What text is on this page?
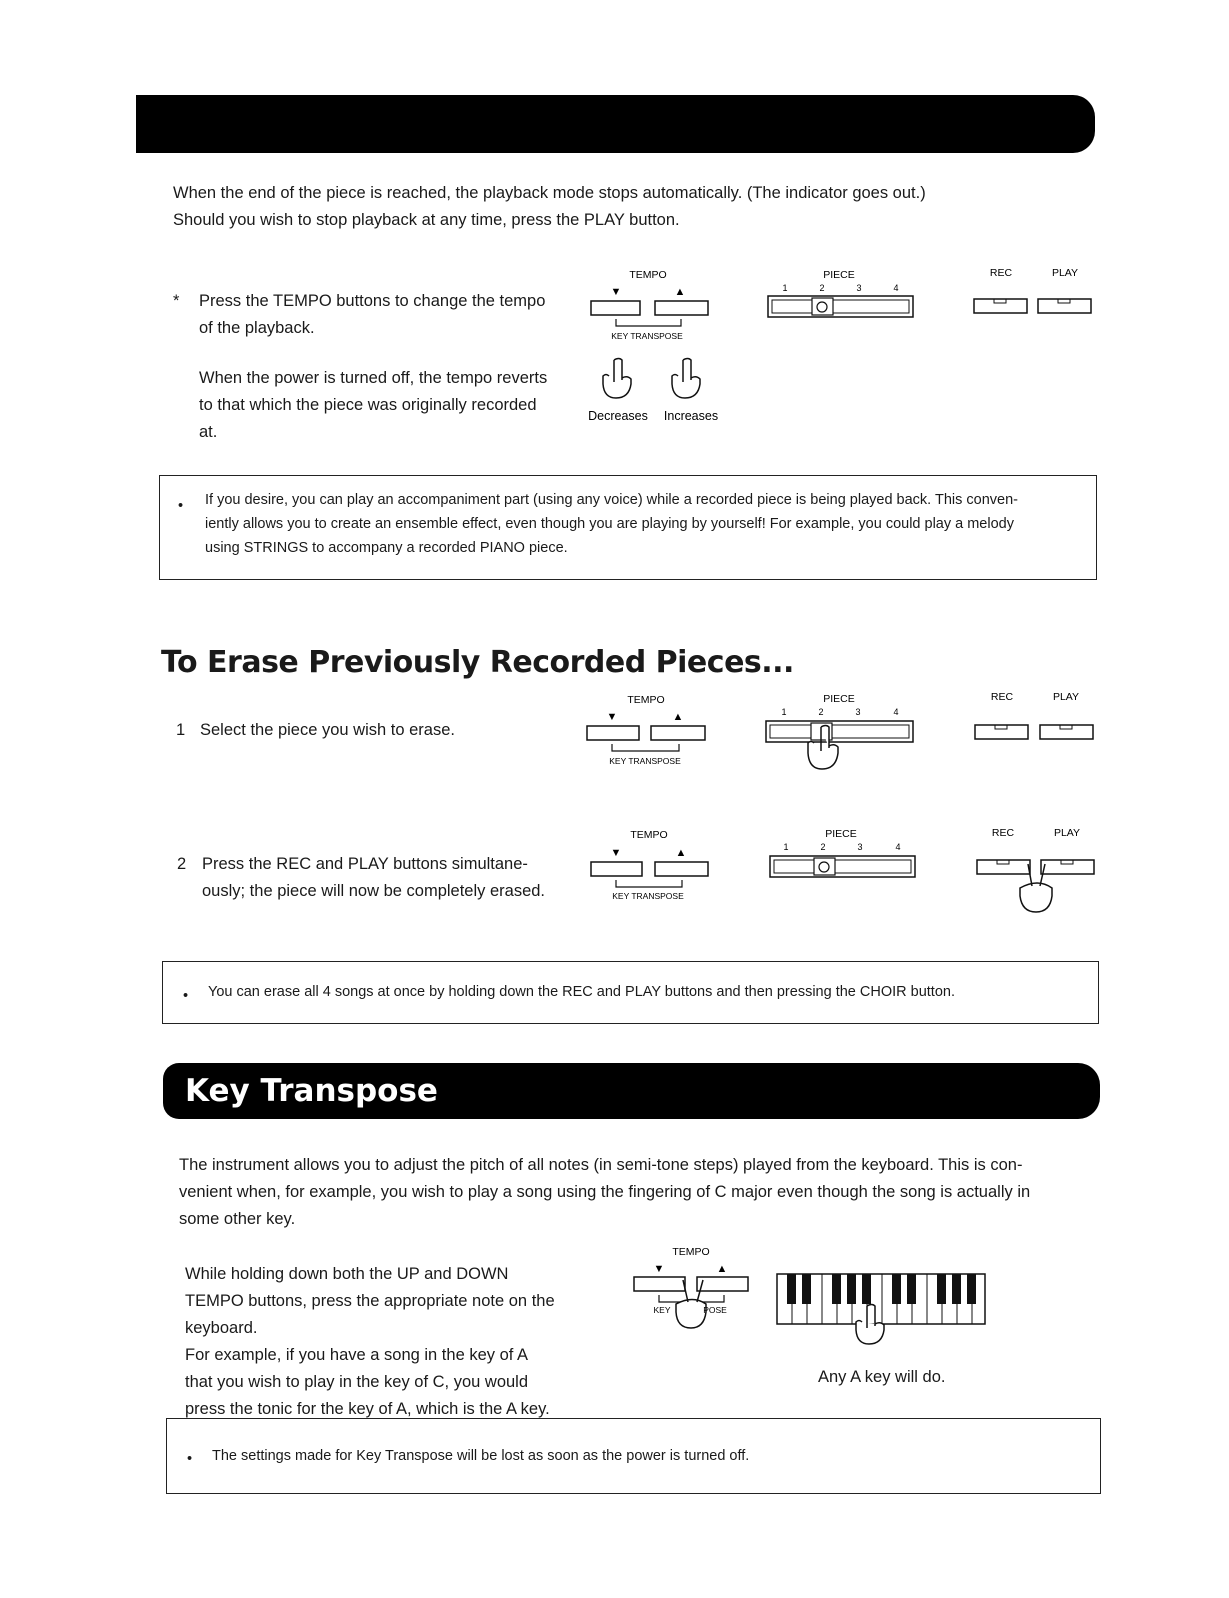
When the end of the piece is reached, the playback mode stops automatically. (The indicator goes out.)

Should you wish to stop playback at any time, press the PLAY button.

* Press the TEMPO buttons to change the tempo

of the playback.

When the power is turned off, the tempo reverts

to that which the piece was originally recorded

at.

TEMPO
▼	▲
KEY TRANSPOSE
Decreases Increases
PIECE
1	2	3	4
REC	PLAY
• If you desire, you can play an accompaniment part (using any voice) while a recorded piece is being played back. This conven-

iently allows you to create an ensemble effect, even though you are playing by yourself! For example, you could play a melody

using STRINGS to accompany a recorded PIANO piece.

To Erase Previously Recorded Pieces...
1 Select the piece you wish to erase.
TEMPO
▼	▲
KEY TRANSPOSE
PIECE
1	2	3	4
REC	PLAY
2 Press the REC and PLAY buttons simultane-

ously; the piece will now be completely erased.

TEMPO
▼	▲
KEY TRANSPOSE
PIECE
1	2	3	4
REC	PLAY
• You can erase all 4 songs at once by holding down the REC and PLAY buttons and then pressing the CHOIR button.
Key Transpose

The instrument allows you to adjust the pitch of all notes (in semi-tone steps) played from the keyboard. This is con-

venient when, for example, you wish to play a song using the fingering of C major even though the song is actually in

some other key.

While holding down both the UP and DOWN

TEMPO buttons, press the appropriate note on the

keyboard.

For example, if you have a song in the key of A

that you wish to play in the key of C, you would

press the tonic for the key of A, which is the A key.

TEMPO
▼	▲
KEY	POSE
Any A key will do.
• The settings made for Key Transpose will be lost as soon as the power is turned off.
